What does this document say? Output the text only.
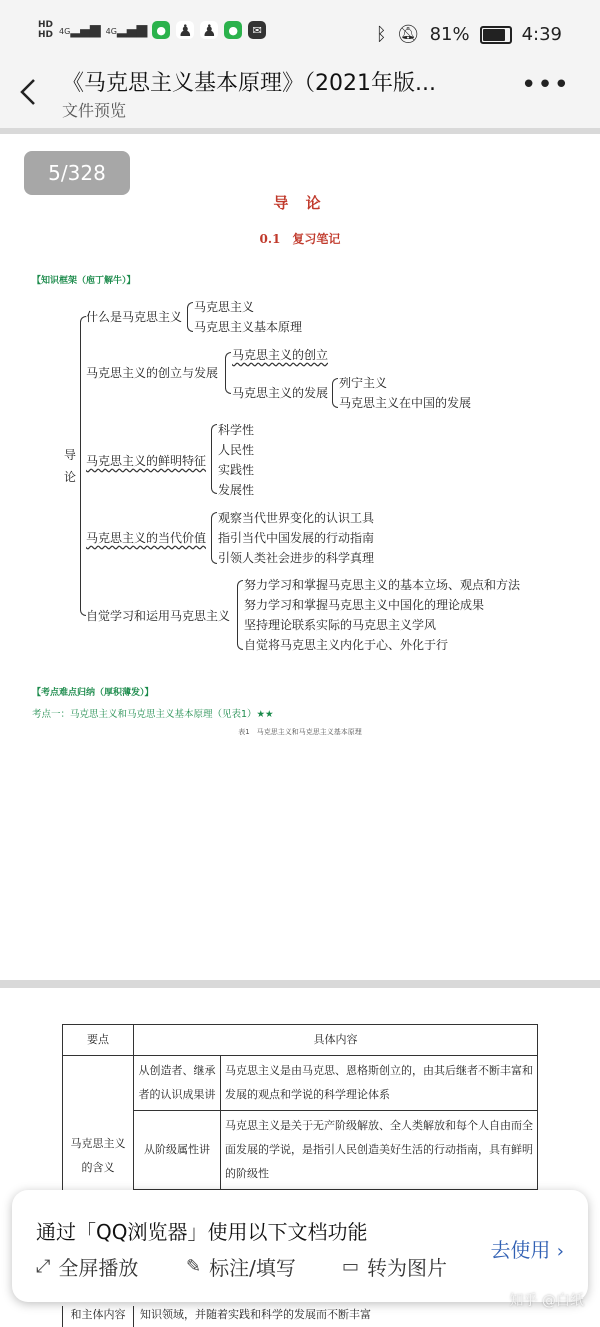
HD
HD 4G▂▄▆ 4G▂▄▆ ● ♟ ♟	●	✉	ᛒ 🔕︎ 81%	4:39
《马克思主义基本原理》（2021年版...
文件预览
•••
5/328
导 论
0.1　复习笔记
【知识框架（庖丁解牛）】
导论
什么是马克思主义
马克思主义
马克思主义基本原理
马克思主义的创立与发展
马克思主义的创立
马克思主义的发展
列宁主义
马克思主义在中国的发展
马克思主义的鲜明特征
科学性
人民性
实践性
发展性
马克思主义的当代价值
观察当代世界变化的认识工具
指引当代中国发展的行动指南
引领人类社会进步的科学真理
自觉学习和运用马克思主义
努力学习和掌握马克思主义的基本立场、观点和方法
努力学习和掌握马克思主义中国化的理论成果
坚持理论联系实际的马克思主义学风
自觉将马克思主义内化于心、外化于行
【考点难点归纳（厚积薄发）】
考点一：马克思主义和马克思主义基本原理（见表1）★★
表1　马克思主义和马克思主义基本原理
要点	具体内容	
马克思主义的含义	从创造者、继承者的认识成果讲	马克思主义是由马克思、恩格斯创立的，由其后继者不断丰富和发展的观点和学说的科学理论体系
	从阶级属性讲	马克思主义是关于无产阶级解放、全人类解放和每个人自由而全面发展的学说，是指引人民创造美好生活的行动指南，具有鲜明的阶级性

和主体内容	知识领域，并随着实践和科学的发展而不断丰富
通过「QQ浏览器」使用以下文档功能
去使用 ›
⤢ 全屏播放	✎ 标注/填写	▭ 转为图片
知乎 @白纸
